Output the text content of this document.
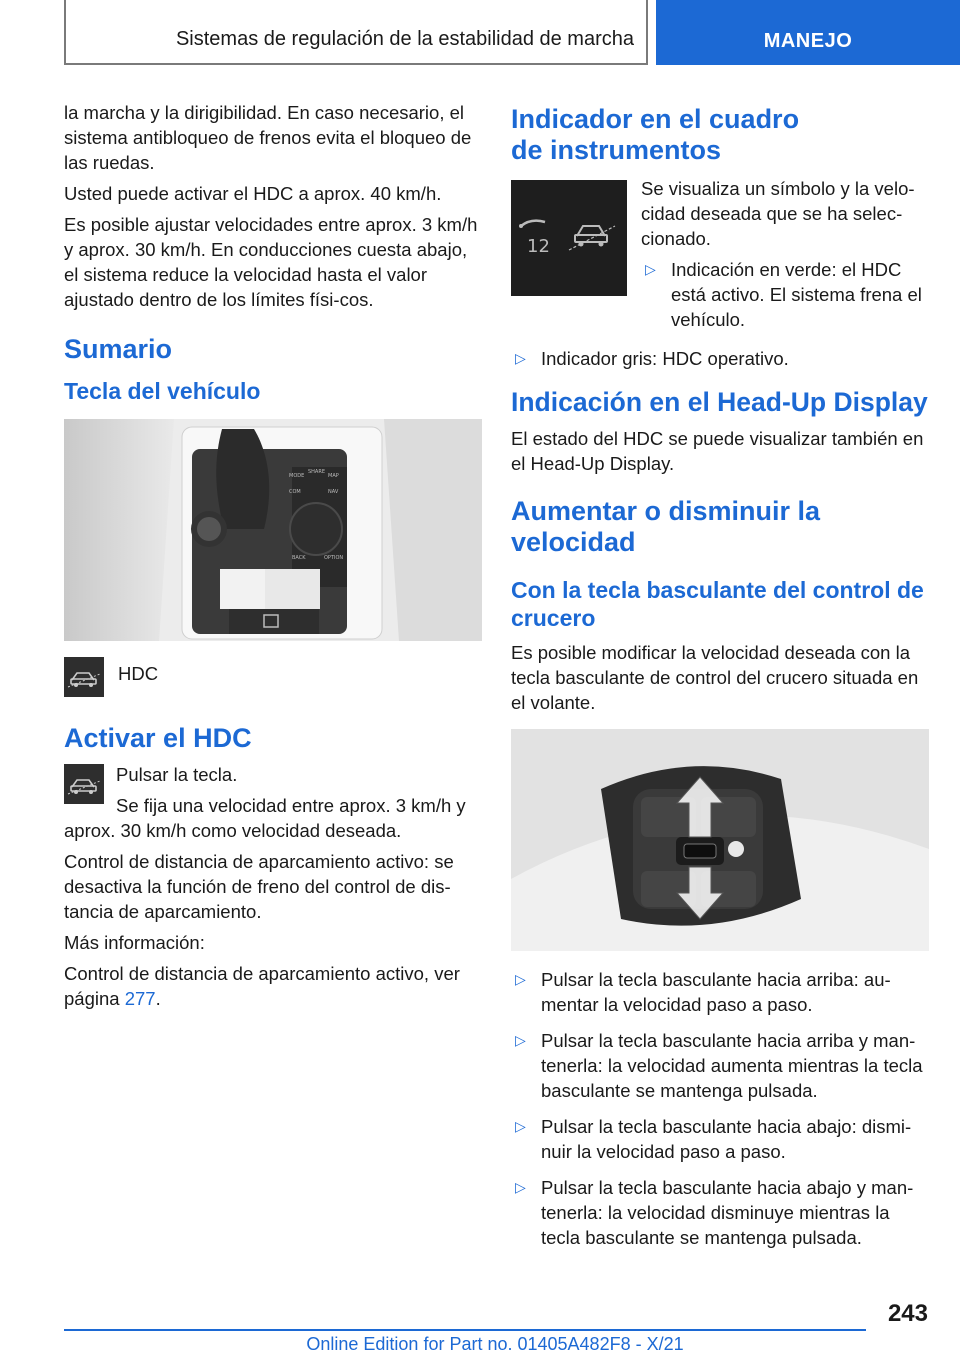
Sistemas de regulación de la estabilidad de marcha	MANEJO

la marcha y la dirigibilidad. En caso necesario, el sistema antibloqueo de frenos evita el bloqueo de las ruedas.

Usted puede activar el HDC a aprox. 40 km/h.

Es posible ajustar velocidades entre aprox. 3 km/h y aprox. 30 km/h. En conducciones cuesta abajo, el sistema reduce la velocidad hasta el valor ajustado dentro de los límites físi-cos.

Sumario
Tecla del vehículo
MODE
SHARE
MAP
COM	NAV
BACK	OPTION

HDC

Activar el HDC

Pulsar la tecla.

Se fija una velocidad entre aprox. 3 km/h y aprox. 30 km/h como velocidad deseada.

Control de distancia de aparcamiento activo: se desactiva la función de freno del control de dis-tancia de aparcamiento.

Más información:

Control de distancia de aparcamiento activo, ver página 277.

Indicador en el cuadro de instrumentos
12

Se visualiza un símbolo y la velo-cidad deseada que se ha selec-cionado.

▷ Indicación en verde: el HDC está activo. El sistema frena el vehículo.
▷ Indicador gris: HDC operativo.
Indicación en el Head-Up Display

El estado del HDC se puede visualizar también en el Head-Up Display.

Aumentar o disminuir la velocidad
Con la tecla basculante del control de crucero

Es posible modificar la velocidad deseada con la tecla basculante de control del crucero situada en el volante.

▷ Pulsar la tecla basculante hacia arriba: au-mentar la velocidad paso a paso.
▷ Pulsar la tecla basculante hacia arriba y man-tenerla: la velocidad aumenta mientras la tecla basculante se mantenga pulsada.
▷ Pulsar la tecla basculante hacia abajo: dismi-nuir la velocidad paso a paso.
▷ Pulsar la tecla basculante hacia abajo y man-tenerla: la velocidad disminuye mientras la tecla basculante se mantenga pulsada.
243
Online Edition for Part no. 01405A482F8 - X/21
